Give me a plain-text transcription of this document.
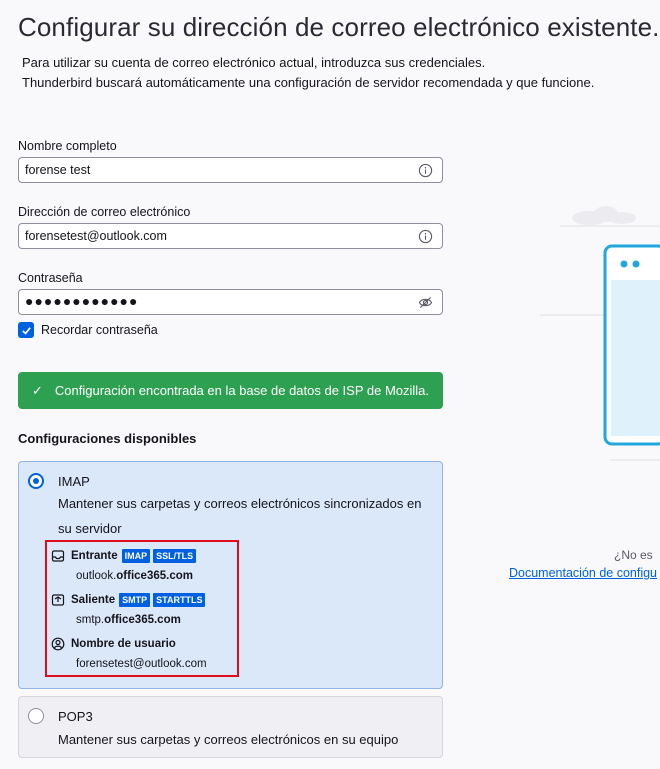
Configurar su dirección de correo electrónico existente.
Para utilizar su cuenta de correo electrónico actual, introduzca sus credenciales.
Thunderbird buscará automáticamente una configuración de servidor recomendada y que funcione.
Nombre completo
forense test
Dirección de correo electrónico
forensetest@outlook.com
Contraseña
●●●●●●●●●●●●
Recordar contraseña
✓ Configuración encontrada en la base de datos de ISP de Mozilla.
Configuraciones disponibles
IMAP
Mantener sus carpetas y correos electrónicos sincronizados en su servidor
Entrante IMAP	SSL/TLS
outlook.office365.com
Saliente SMTP	STARTTLS
smtp.office365.com
Nombre de usuario
forensetest@outlook.com
POP3
Mantener sus carpetas y correos electrónicos en su equipo
¿No es
Documentación de configu
